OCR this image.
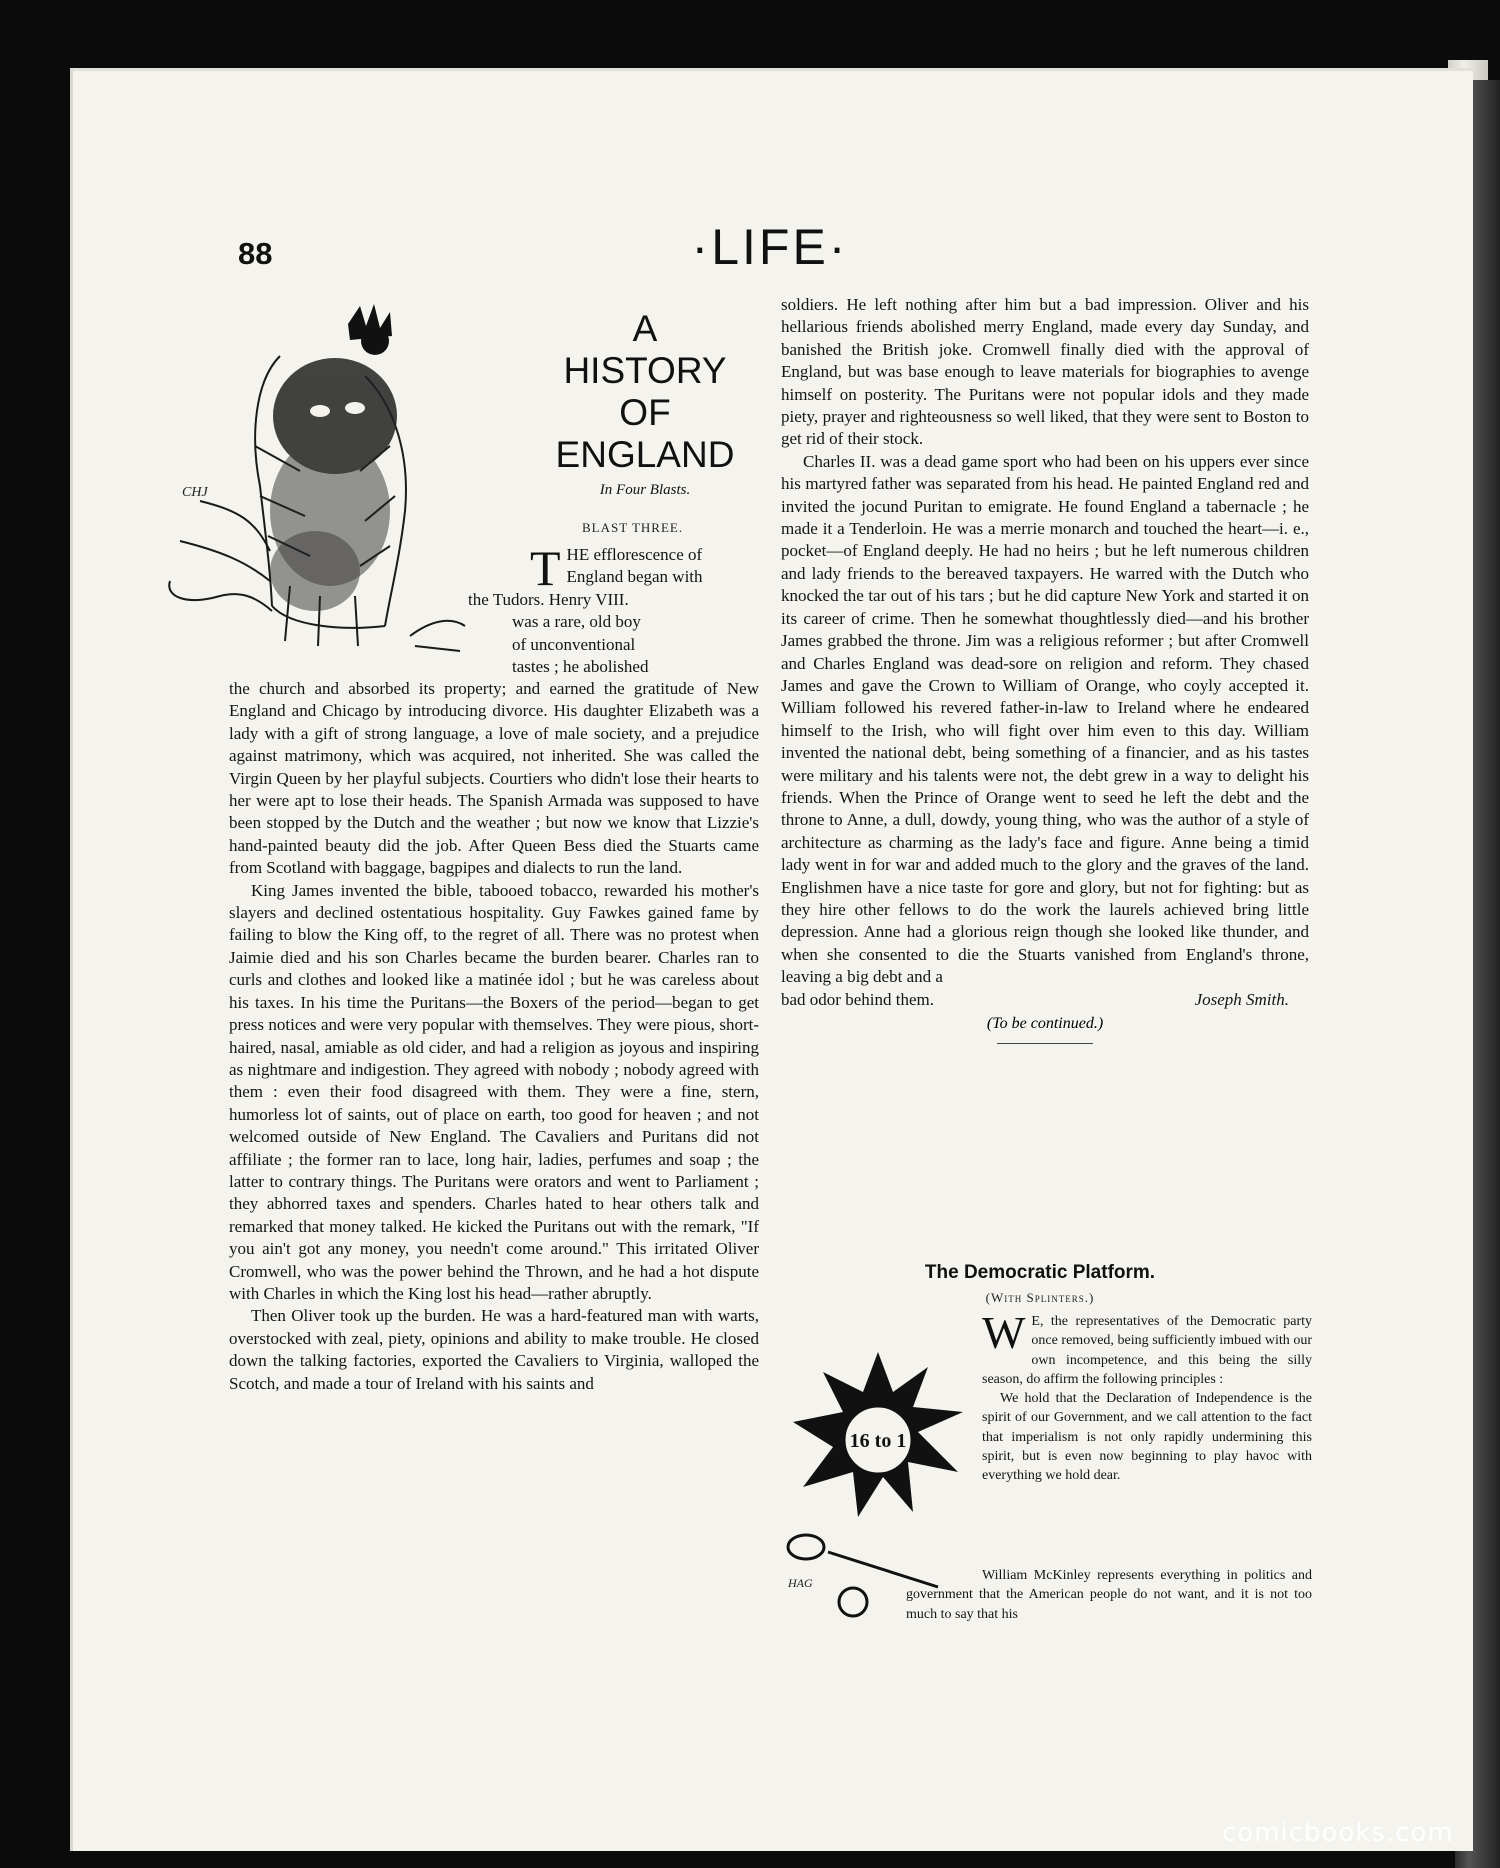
88	·LIFE·
CHJ
A
HISTORY
OF
ENGLAND
In Four Blasts.
BLAST THREE.
T HE efflorescence of

England began with

the Tudors. Henry VIII.

was a rare, old boy

of unconventional

tastes ; he abolished

the church and absorbed its property; and earned the gratitude of New England and Chicago by introducing divorce. His daughter Elizabeth was a lady with a gift of strong language, a love of male society, and a prejudice against matrimony, which was acquired, not inherited. She was called the Virgin Queen by her playful subjects. Courtiers who didn't lose their hearts to her were apt to lose their heads. The Spanish Armada was supposed to have been stopped by the Dutch and the weather ; but now we know that Lizzie's hand-painted beauty did the job. After Queen Bess died the Stuarts came from Scotland with baggage, bagpipes and dialects to run the land.

King James invented the bible, tabooed tobacco, rewarded his mother's slayers and declined ostentatious hospitality. Guy Fawkes gained fame by failing to blow the King off, to the regret of all. There was no protest when Jaimie died and his son Charles became the burden bearer. Charles ran to curls and clothes and looked like a matinée idol ; but he was careless about his taxes. In his time the Puritans—the Boxers of the period—began to get press notices and were very popular with themselves. They were pious, short-haired, nasal, amiable as old cider, and had a religion as joyous and inspiring as nightmare and indigestion. They agreed with nobody ; nobody agreed with them : even their food disagreed with them. They were a fine, stern, humorless lot of saints, out of place on earth, too good for heaven ; and not welcomed outside of New England. The Cavaliers and Puritans did not affiliate ; the former ran to lace, long hair, ladies, perfumes and soap ; the latter to contrary things. The Puritans were orators and went to Parliament ; they abhorred taxes and spenders. Charles hated to hear others talk and remarked that money talked. He kicked the Puritans out with the remark, "If you ain't got any money, you needn't come around." This irritated Oliver Cromwell, who was the power behind the Thrown, and he had a hot dispute with Charles in which the King lost his head—rather abruptly.

Then Oliver took up the burden. He was a hard-featured man with warts, overstocked with zeal, piety, opinions and ability to make trouble. He closed down the talking factories, exported the Cavaliers to Virginia, walloped the Scotch, and made a tour of Ireland with his saints and

soldiers. He left nothing after him but a bad impression. Oliver and his hellarious friends abolished merry England, made every day Sunday, and banished the British joke. Cromwell finally died with the approval of England, but was base enough to leave materials for biographies to avenge himself on posterity. The Puritans were not popular idols and they made piety, prayer and righteousness so well liked, that they were sent to Boston to get rid of their stock.

Charles II. was a dead game sport who had been on his uppers ever since his martyred father was separated from his head. He painted England red and invited the jocund Puritan to emigrate. He found England a tabernacle ; he made it a Tenderloin. He was a merrie monarch and touched the heart—i. e., pocket—of England deeply. He had no heirs ; but he left numerous children and lady friends to the bereaved taxpayers. He warred with the Dutch who knocked the tar out of his tars ; but he did capture New York and started it on its career of crime. Then he somewhat thoughtlessly died—and his brother James grabbed the throne. Jim was a religious reformer ; but after Cromwell and Charles England was dead-sore on religion and reform. They chased James and gave the Crown to William of Orange, who coyly accepted it. William followed his revered father-in-law to Ireland where he endeared himself to the Irish, who will fight over him even to this day. William invented the national debt, being something of a financier, and as his tastes were military and his talents were not, the debt grew in a way to delight his friends. When the Prince of Orange went to seed he left the debt and the throne to Anne, a dull, dowdy, young thing, who was the author of a style of architecture as charming as the lady's face and figure. Anne being a timid lady went in for war and added much to the glory and the graves of the land. Englishmen have a nice taste for gore and glory, but not for fighting: but as they hire other fellows to do the work the laurels achieved bring little depression. Anne had a glorious reign though she looked like thunder, and when she consented to die the Stuarts vanished from England's throne, leaving a big debt and a

bad odor behind them.	Joseph Smith.
(To be continued.)
The Democratic Platform.
(With Splinters.)
16 to 1
HAG
W E, the representatives of the Democratic party once removed, being sufficiently imbued with our own incompetence, and this being the silly season, do affirm the following principles :

We hold that the Declaration of Independence is the spirit of our Government, and we call attention to the fact that imperialism is not only rapidly undermining this spirit, but is even now beginning to play havoc with everything we hold dear.

William McKinley represents everything in politics and government that the American people do not want, and it is not too much to say that his

comicbooks.com
